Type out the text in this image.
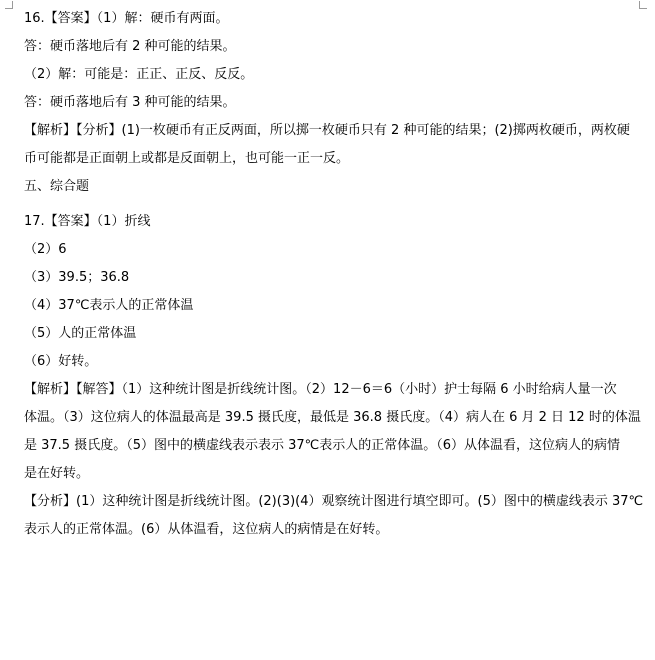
16.【答案】（1）解：硬币有两面。
答：硬币落地后有 2 种可能的结果。
（2）解：可能是：正正、正反、反反。
答：硬币落地后有 3 种可能的结果。
【解析】【分析】(1)一枚硬币有正反两面，所以掷一枚硬币只有 2 种可能的结果；(2)掷两枚硬币，两枚硬
币可能都是正面朝上或都是反面朝上，也可能一正一反。
五、综合题
17.【答案】（1）折线
（2）6
（3）39.5；36.8
（4）37℃表示人的正常体温
（5）人的正常体温
（6）好转。
【解析】【解答】（1）这种统计图是折线统计图。（2）12－6＝6（小时）护士每隔 6 小时给病人量一次
体温。（3）这位病人的体温最高是 39.5 摄氏度，最低是 36.8 摄氏度。（4）病人在 6 月 2 日 12 时的体温
是 37.5 摄氏度。（5）图中的横虚线表示表示 37℃表示人的正常体温。（6）从体温看，这位病人的病情
是在好转。
【分析】(1）这种统计图是折线统计图。(2)(3)(4）观察统计图进行填空即可。(5）图中的横虚线表示 37℃
表示人的正常体温。(6）从体温看，这位病人的病情是在好转。
